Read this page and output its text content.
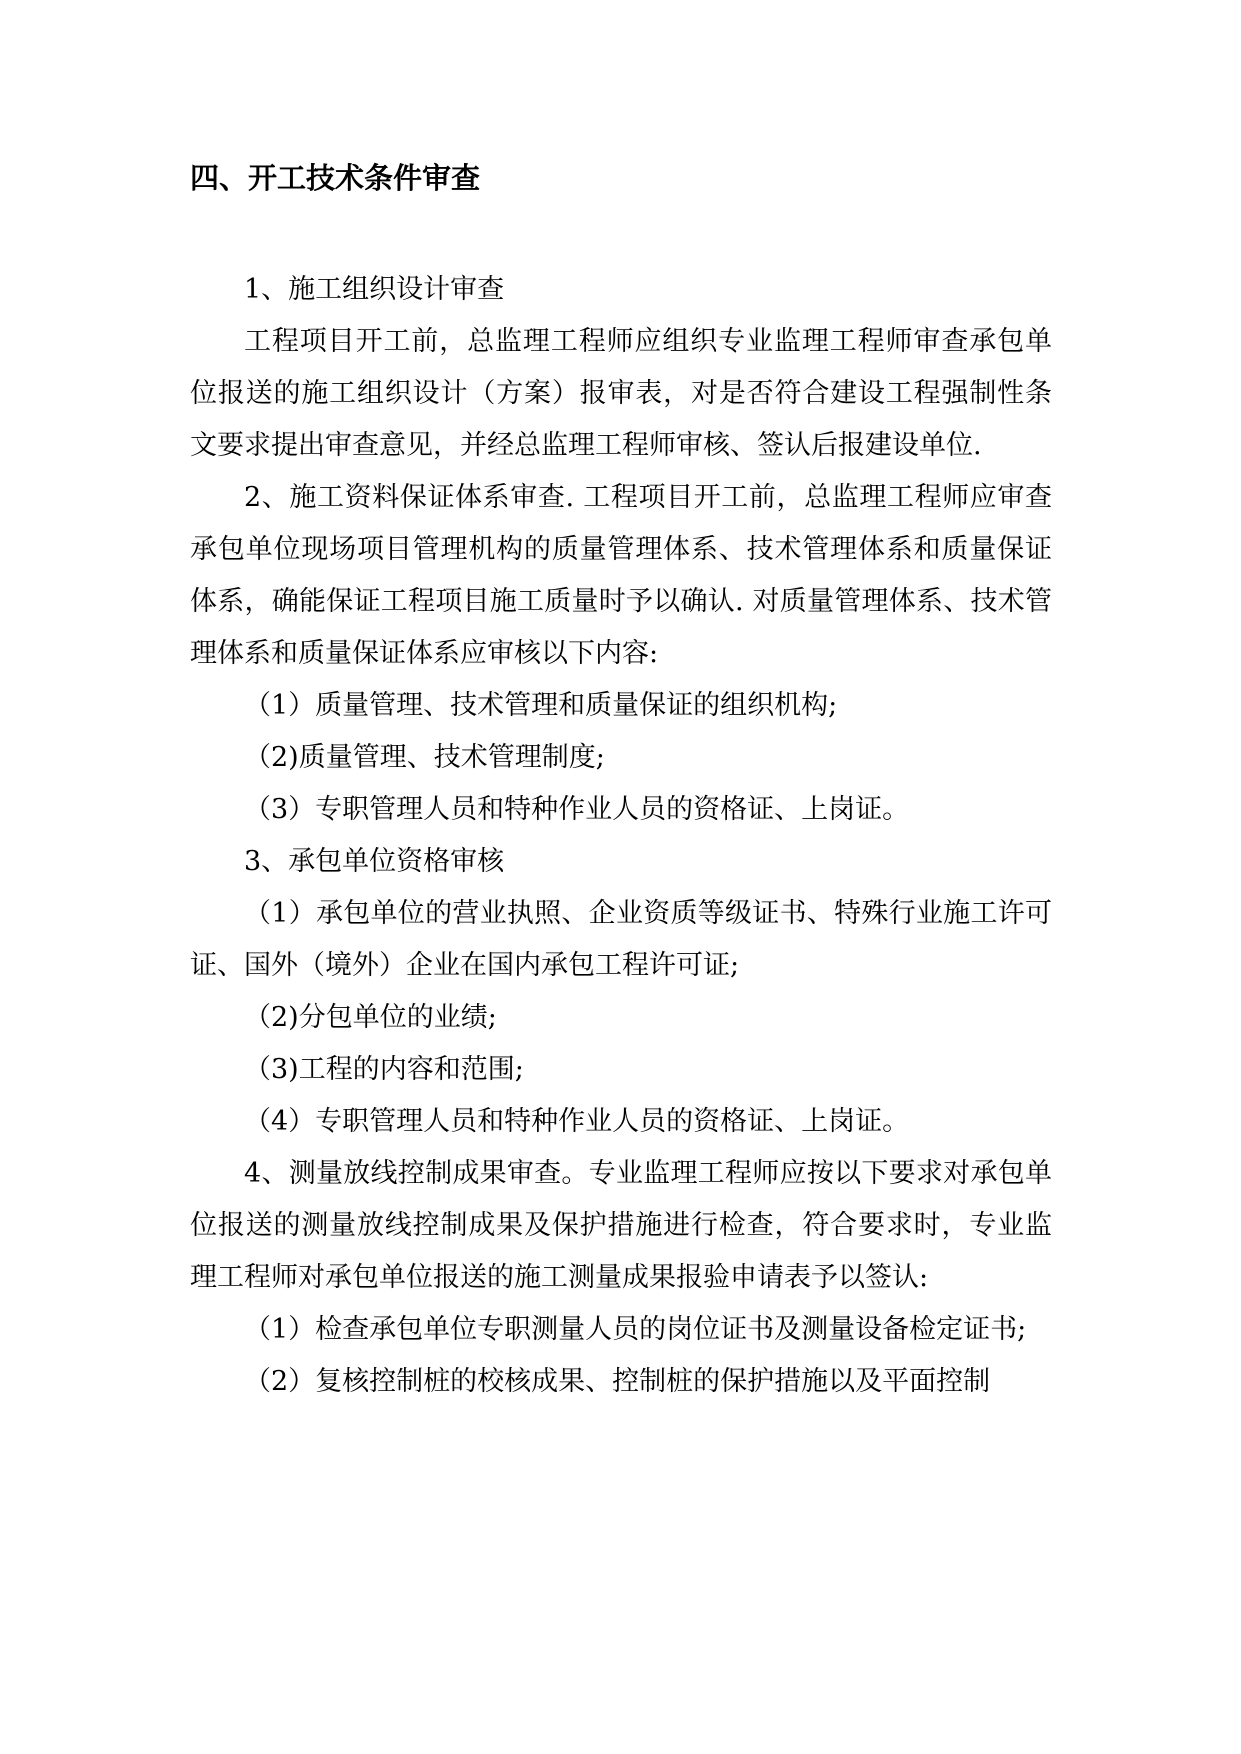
四、开工技术条件审查

1、施工组织设计审查

工程项目开工前，总监理工程师应组织专业监理工程师审查承包单位报送的施工组织设计（方案）报审表，对是否符合建设工程强制性条文要求提出审查意见，并经总监理工程师审核、签认后报建设单位.

2、施工资料保证体系审查. 工程项目开工前，总监理工程师应审查承包单位现场项目管理机构的质量管理体系、技术管理体系和质量保证体系，确能保证工程项目施工质量时予以确认. 对质量管理体系、技术管理体系和质量保证体系应审核以下内容:

（1）质量管理、技术管理和质量保证的组织机构;

（2)质量管理、技术管理制度;

（3）专职管理人员和特种作业人员的资格证、上岗证。

3、承包单位资格审核

（1）承包单位的营业执照、企业资质等级证书、特殊行业施工许可证、国外（境外）企业在国内承包工程许可证;

（2)分包单位的业绩;

（3)工程的内容和范围;

（4）专职管理人员和特种作业人员的资格证、上岗证。

4、测量放线控制成果审查。专业监理工程师应按以下要求对承包单位报送的测量放线控制成果及保护措施进行检查，符合要求时，专业监理工程师对承包单位报送的施工测量成果报验申请表予以签认:

（1）检查承包单位专职测量人员的岗位证书及测量设备检定证书;

（2）复核控制桩的校核成果、控制桩的保护措施以及平面控制
